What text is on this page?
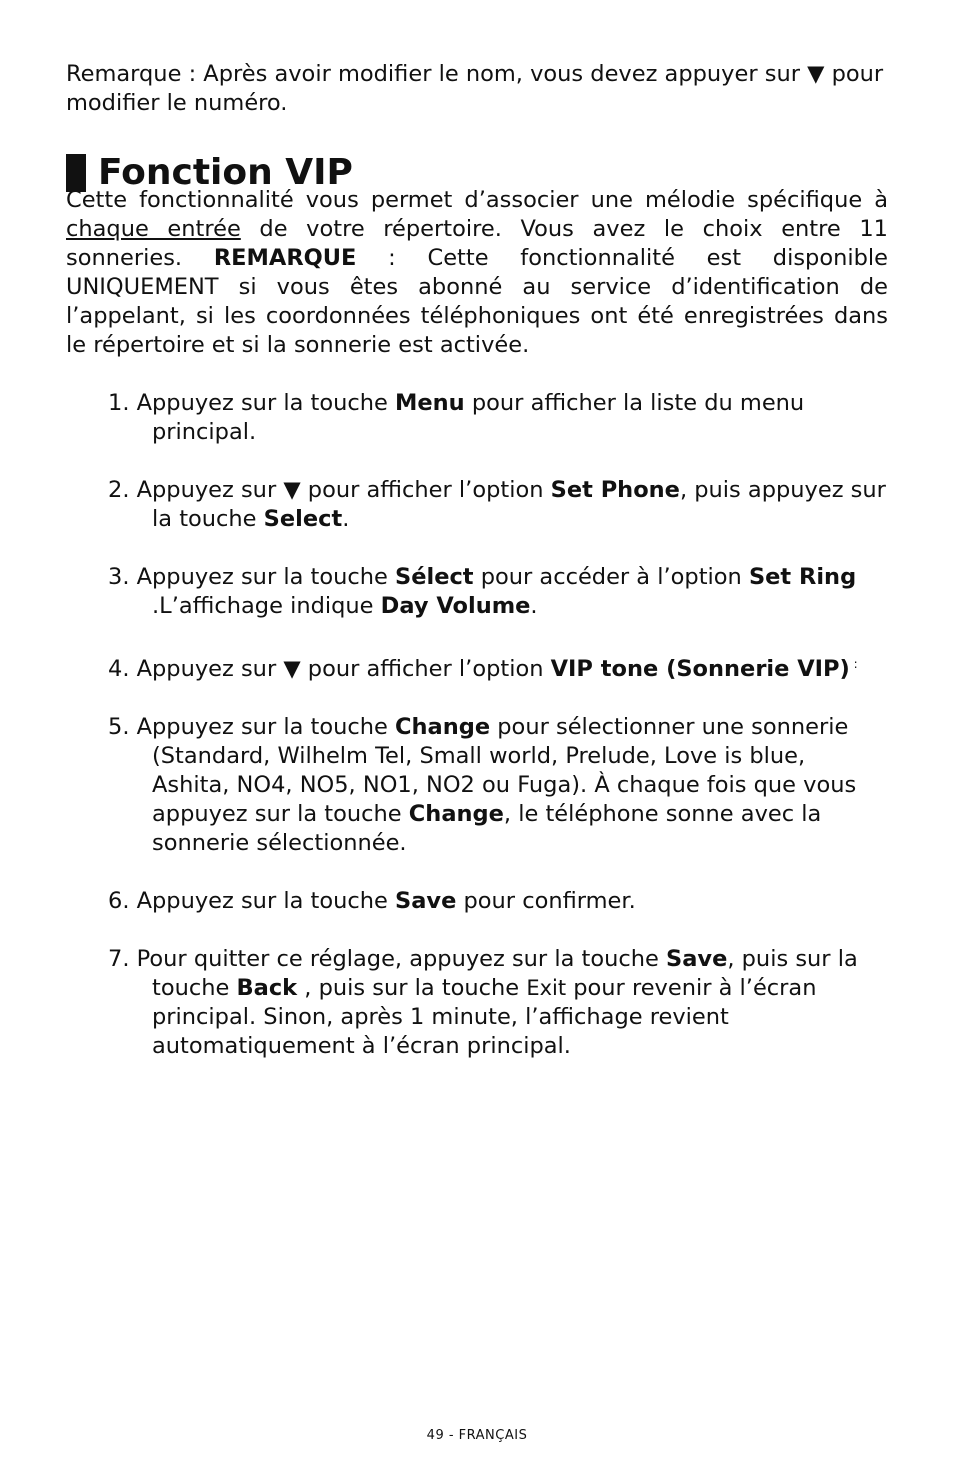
Remarque : Après avoir modifier le nom, vous devez appuyer sur ▼ pour modifier le numéro.

Fonction VIP

Cette fonctionnalité vous permet d’associer une mélodie spécifique à chaque entrée de votre répertoire. Vous avez le choix entre 11 sonneries. REMARQUE : Cette fonctionnalité est disponible UNIQUEMENT si vous êtes abonné au service d’identification de l’appelant, si les coordonnées téléphoniques ont été enregistrées dans le répertoire et si la sonnerie est activée.

1. Appuyez sur la touche Menu pour afficher la liste du menu principal.
2. Appuyez sur ▼ pour afficher l’option Set Phone, puis appuyez sur la touche Select.
3. Appuyez sur la touche Sélect pour accéder à l’option Set Ring .L’affichage indique Day Volume.
4. Appuyez sur ▼ pour afficher l’option VIP tone (Sonnerie VIP) :
5. Appuyez sur la touche Change pour sélectionner une sonnerie (Standard, Wilhelm Tel, Small world, Prelude, Love is blue, Ashita, NO4, NO5, NO1, NO2 ou Fuga). À chaque fois que vous appuyez sur la touche Change, le téléphone sonne avec la sonnerie sélectionnée.
6. Appuyez sur la touche Save pour confirmer.
7. Pour quitter ce réglage, appuyez sur la touche Save, puis sur la touche Back , puis sur la touche Exit pour revenir à l’écran principal. Sinon, après 1 minute, l’affichage revient automatiquement à l’écran principal.
49 - FRANÇAIS
